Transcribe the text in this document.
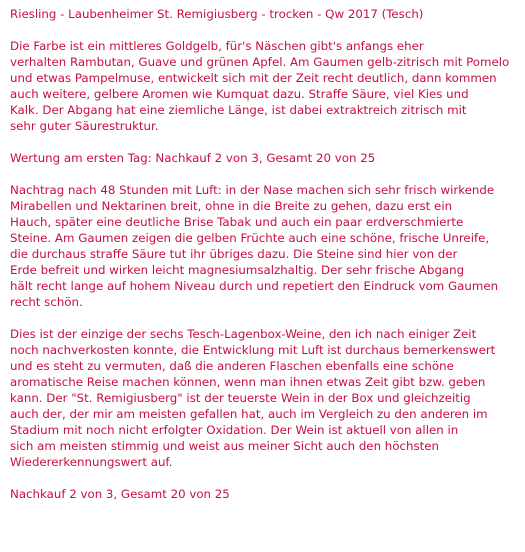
Riesling - Laubenheimer St. Remigiusberg - trocken - Qw 2017 (Tesch)
Die Farbe ist ein mittleres Goldgelb, für's Näschen gibt's anfangs eher
verhalten Rambutan, Guave und grünen Apfel. Am Gaumen gelb-zitrisch mit Pomelo
und etwas Pampelmuse, entwickelt sich mit der Zeit recht deutlich, dann kommen
auch weitere, gelbere Aromen wie Kumquat dazu. Straffe Säure, viel Kies und
Kalk. Der Abgang hat eine ziemliche Länge, ist dabei extraktreich zitrisch mit
sehr guter Säurestruktur.
Wertung am ersten Tag: Nachkauf 2 von 3, Gesamt 20 von 25
Nachtrag nach 48 Stunden mit Luft: in der Nase machen sich sehr frisch wirkende
Mirabellen und Nektarinen breit, ohne in die Breite zu gehen, dazu erst ein
Hauch, später eine deutliche Brise Tabak und auch ein paar erdverschmierte
Steine. Am Gaumen zeigen die gelben Früchte auch eine schöne, frische Unreife,
die durchaus straffe Säure tut ihr übriges dazu. Die Steine sind hier von der
Erde befreit und wirken leicht magnesiumsalzhaltig. Der sehr frische Abgang
hält recht lange auf hohem Niveau durch und repetiert den Eindruck vom Gaumen
recht schön.
Dies ist der einzige der sechs Tesch-Lagenbox-Weine, den ich nach einiger Zeit
noch nachverkosten konnte, die Entwicklung mit Luft ist durchaus bemerkenswert
und es steht zu vermuten, daß die anderen Flaschen ebenfalls eine schöne
aromatische Reise machen können, wenn man ihnen etwas Zeit gibt bzw. geben
kann. Der "St. Remigiusberg" ist der teuerste Wein in der Box und gleichzeitig
auch der, der mir am meisten gefallen hat, auch im Vergleich zu den anderen im
Stadium mit noch nicht erfolgter Oxidation. Der Wein ist aktuell von allen in
sich am meisten stimmig und weist aus meiner Sicht auch den höchsten
Wiedererkennungswert auf.
Nachkauf 2 von 3, Gesamt 20 von 25
